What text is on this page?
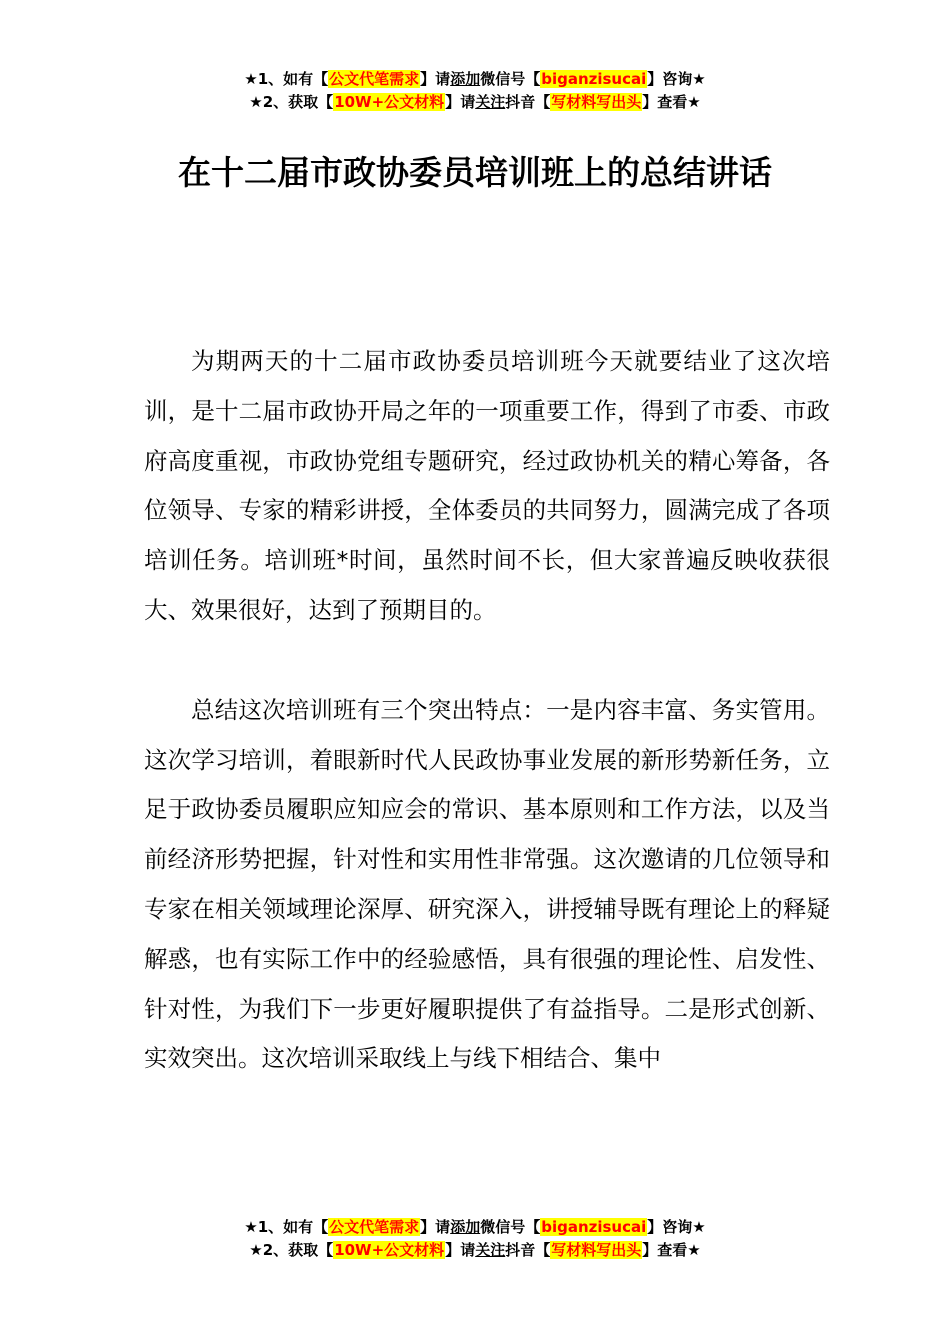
★1、如有【公文代笔需求】请添加微信号【biganzisucai】咨询★
★2、获取【10W+公文材料】请关注抖音【写材料写出头】查看★
在十二届市政协委员培训班上的总结讲话

为期两天的十二届市政协委员培训班今天就要结业了这次培训，是十二届市政协开局之年的一项重要工作，得到了市委、市政府高度重视，市政协党组专题研究，经过政协机关的精心筹备，各位领导、专家的精彩讲授，全体委员的共同努力，圆满完成了各项培训任务。培训班*时间，虽然时间不长，但大家普遍反映收获很大、效果很好，达到了预期目的。

总结这次培训班有三个突出特点：一是内容丰富、务实管用。这次学习培训，着眼新时代人民政协事业发展的新形势新任务，立足于政协委员履职应知应会的常识、基本原则和工作方法，以及当前经济形势把握，针对性和实用性非常强。这次邀请的几位领导和专家在相关领域理论深厚、研究深入，讲授辅导既有理论上的释疑解惑，也有实际工作中的经验感悟，具有很强的理论性、启发性、针对性，为我们下一步更好履职提供了有益指导。二是形式创新、实效突出。这次培训采取线上与线下相结合、集中

★1、如有【公文代笔需求】请添加微信号【biganzisucai】咨询★
★2、获取【10W+公文材料】请关注抖音【写材料写出头】查看★
